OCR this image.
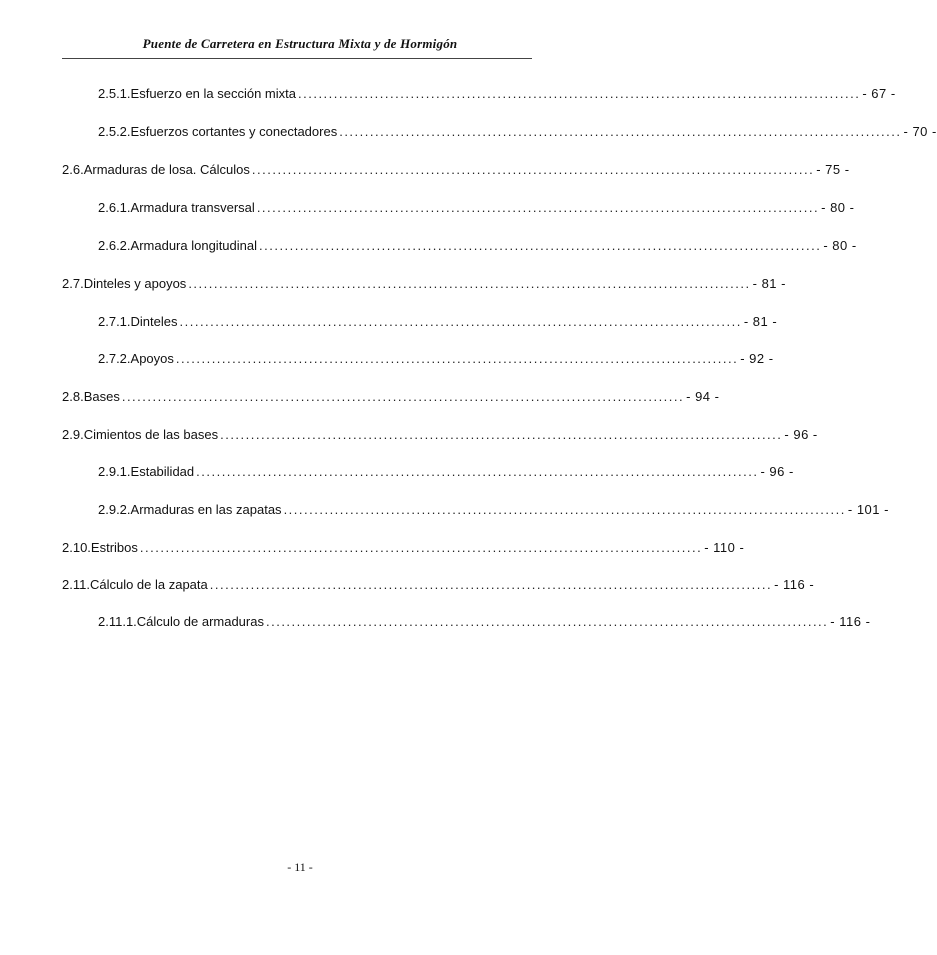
Puente de Carretera en Estructura Mixta y de Hormigón
2.5.1. Esfuerzo en la sección mixta .............................................................................................................. - 67 -
2.5.2. Esfuerzos cortantes y conectadores .............................................................................................................. - 70 -
2.6. Armaduras de losa. Cálculos .............................................................................................................. - 75 -
2.6.1. Armadura transversal .............................................................................................................. - 80 -
2.6.2. Armadura longitudinal .............................................................................................................. - 80 -
2.7. Dinteles y apoyos .............................................................................................................. - 81 -
2.7.1. Dinteles .............................................................................................................. - 81 -
2.7.2. Apoyos .............................................................................................................. - 92 -
2.8. Bases .............................................................................................................. - 94 -
2.9. Cimientos de las bases .............................................................................................................. - 96 -
2.9.1. Estabilidad .............................................................................................................. - 96 -
2.9.2. Armaduras en las zapatas .............................................................................................................. - 101 -
2.10. Estribos .............................................................................................................. - 110 -
2.11. Cálculo de la zapata .............................................................................................................. - 116 -
2.11.1. Cálculo de armaduras .............................................................................................................. - 116 -
- 11 -
